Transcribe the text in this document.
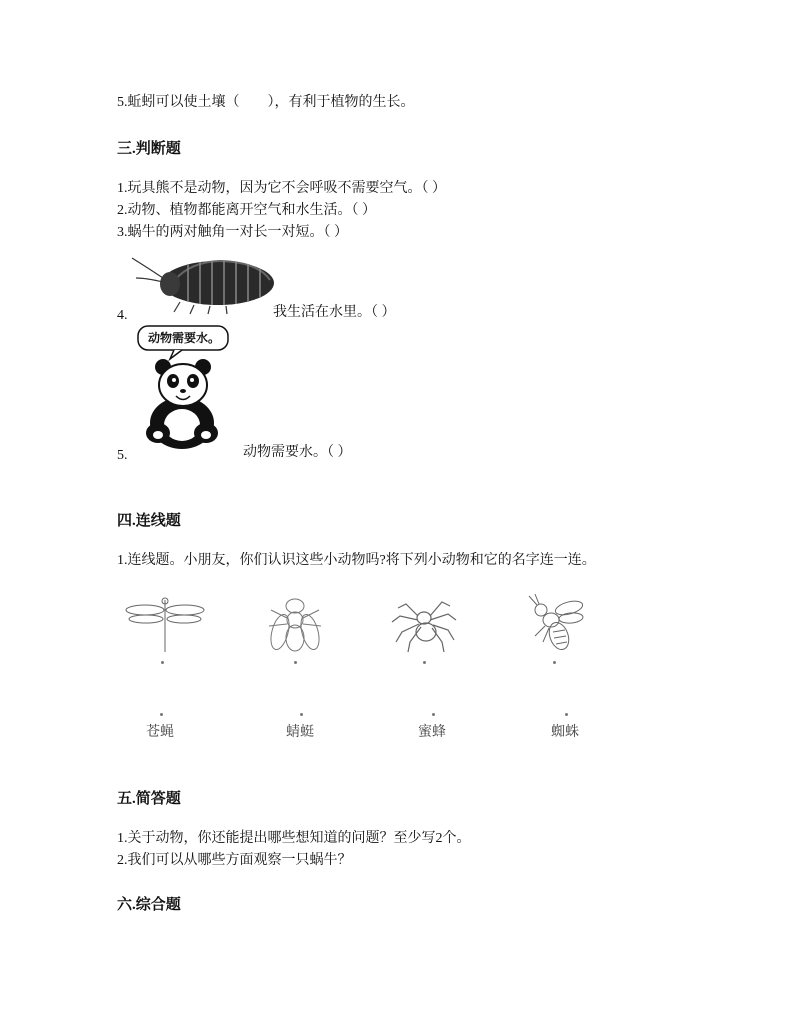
5.蚯蚓可以使土壤（　　），有利于植物的生长。
三.判断题
1.玩具熊不是动物，因为它不会呼吸不需要空气。（ ）
2.动物、植物都能离开空气和水生活。（ ）
3.蜗牛的两对触角一对长一对短。（ ）
4.	我生活在水里。（ ）
动物需要水。
5.	动物需要水。（ ）
四.连线题
1.连线题。小朋友，你们认识这些小动物吗?将下列小动物和它的名字连一连。
苍蝇	蜻蜓	蜜蜂	蜘蛛
五.简答题
1.关于动物，你还能提出哪些想知道的问题？至少写2个。
2.我们可以从哪些方面观察一只蜗牛？
六.综合题
